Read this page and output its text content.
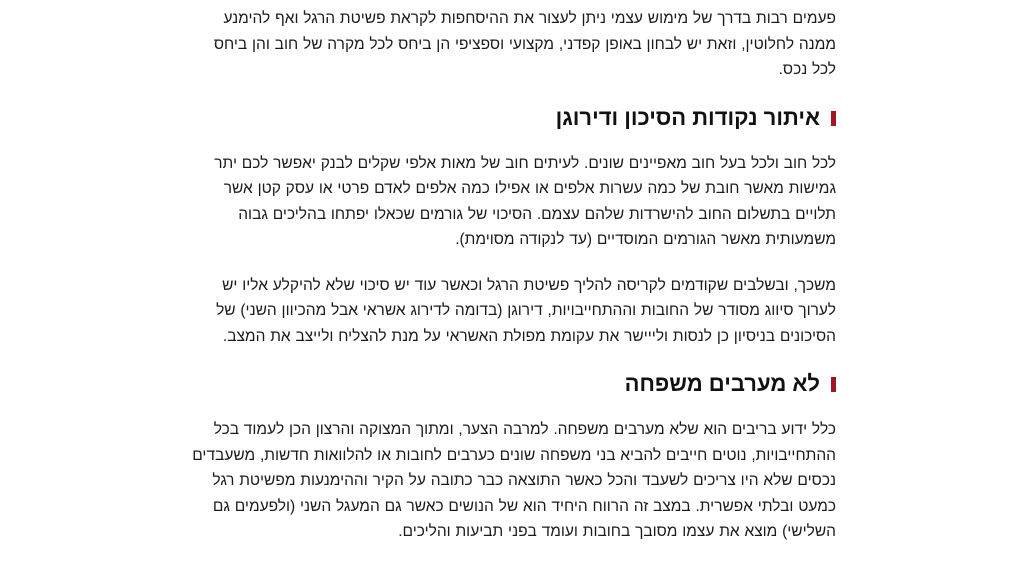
פעמים רבות בדרך של מימוש עצמי ניתן לעצור את ההיסחפות לקראת פשיטת הרגל ואף להימנע ממנה לחלוטין, וזאת יש לבחון באופן קפדני, מקצועי וספציפי הן ביחס לכל מקרה של חוב והן ביחס לכל נכס.

איתור נקודות הסיכון ודירוגן

לכל חוב ולכל בעל חוב מאפיינים שונים. לעיתים חוב של מאות אלפי שקלים לבנק יאפשר לכם יתר גמישות מאשר חובת של כמה עשרות אלפים או אפילו כמה אלפים לאדם פרטי או עסק קטן אשר תלויים בתשלום החוב להישרדות שלהם עצמם. הסיכוי של גורמים שכאלו יפתחו בהליכים גבוה משמעותית מאשר הגורמים המוסדיים (עד לנקודה מסוימת).

משכך, ובשלבים שקודמים לקריסה להליך פשיטת הרגל וכאשר עוד יש סיכוי שלא להיקלע אליו יש לערוך סיווג מסודר של החובות וההתחייבויות, דירוגן (בדומה לדירוג אשראי אבל מהכיוון השני) של הסיכונים בניסיון כן לנסות ולייישר את עקומת מפולת האשראי על מנת להצליח ולייצב את המצב.

לא מערבים משפחה

כלל ידוע בריבים הוא שלא מערבים משפחה. למרבה הצער, ומתוך המצוקה והרצון הכן לעמוד בכל ההתחייבויות, נוטים חייבים להביא בני משפחה שונים כערבים לחובות או להלוואות חדשות, משעבדים נכסים שלא היו צריכים לשעבד והכל כאשר התוצאה כבר כתובה על הקיר וההימנעות מפשיטת רגל כמעט ובלתי אפשרית. במצב זה הרווח היחיד הוא של הנושים כאשר גם המעגל השני (ולפעמים גם השלישי) מוצא את עצמו מסובך בחובות ועומד בפני תביעות והליכים.
